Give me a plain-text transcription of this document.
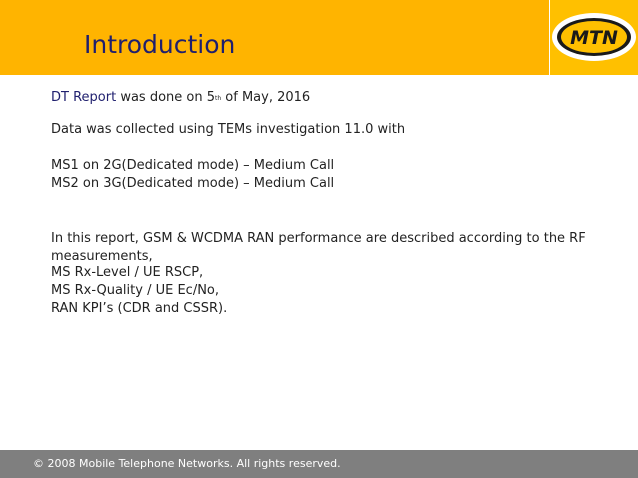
Introduction	MTN
DT Report was done on 5th of May, 2016
Data was collected using TEMs investigation 11.0 with
MS1 on 2G(Dedicated mode) – Medium Call
MS2 on 3G(Dedicated mode) – Medium Call
In this report, GSM & WCDMA RAN performance are described according to the RF measurements,
MS Rx-Level / UE RSCP,
MS Rx-Quality / UE Ec/No,
RAN KPI’s (CDR and CSSR).
© 2008 Mobile Telephone Networks. All rights reserved.
